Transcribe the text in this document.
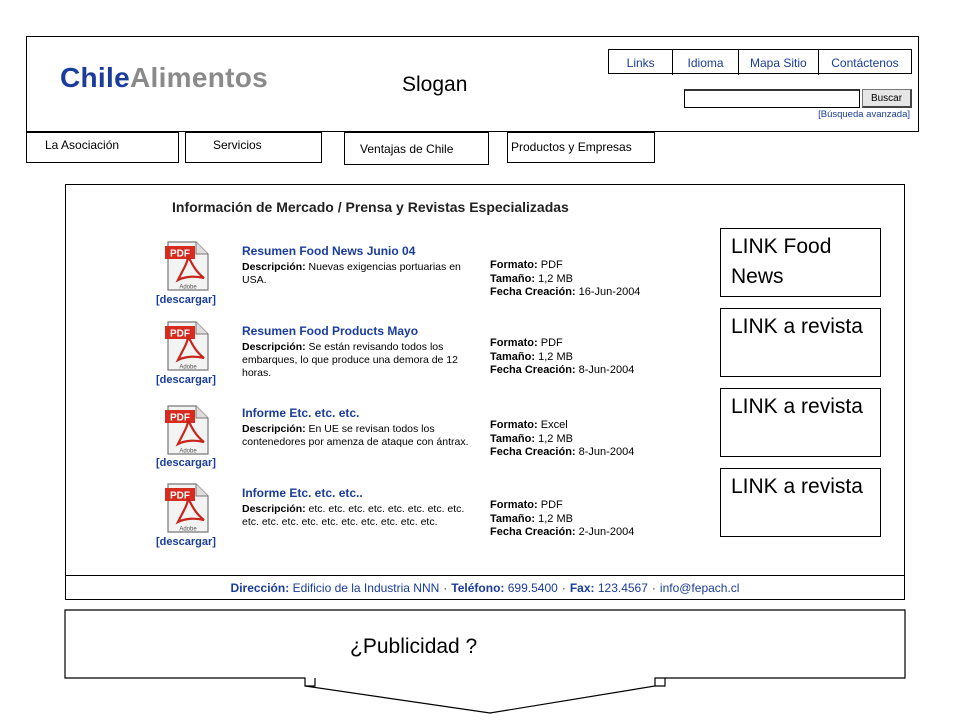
ChileAlimentos	Slogan
Links	Idioma	Mapa Sitio	Contáctenos
Buscar
[Búsqueda avanzada]
La Asociación	Servicios	Ventajas de Chile	Productos y Empresas
Información de Mercado / Prensa y Revistas Especializadas
PDF
Adobe
[descargar]
Resumen Food News Junio 04
Descripción: Nuevas exigencias portuarias en USA.
Formato: PDF
Tamaño: 1,2 MB
Fecha Creación: 16-Jun-2004
PDF
Adobe
[descargar]
Resumen Food Products Mayo
Descripción: Se están revisando todos los embarques, lo que produce una demora de 12 horas.
Formato: PDF
Tamaño: 1,2 MB
Fecha Creación: 8-Jun-2004
PDF
Adobe
[descargar]
Informe Etc. etc. etc.
Descripción: En UE se revisan todos los contenedores por amenza de ataque con ántrax.
Formato: Excel
Tamaño: 1,2 MB
Fecha Creación: 8-Jun-2004
PDF
Adobe
[descargar]
Informe Etc. etc. etc..
Descripción: etc. etc. etc. etc. etc. etc. etc. etc. etc. etc. etc. etc. etc. etc. etc. etc. etc. etc.
Formato: PDF
Tamaño: 1,2 MB
Fecha Creación: 2-Jun-2004
LINK Food News
LINK a revista
LINK a revista
LINK a revista
Dirección:
Edificio de la Industria NNN · Teléfono:
699.5400 · Fax:
123.4567 · info@fepach.cl
¿Publicidad ?
